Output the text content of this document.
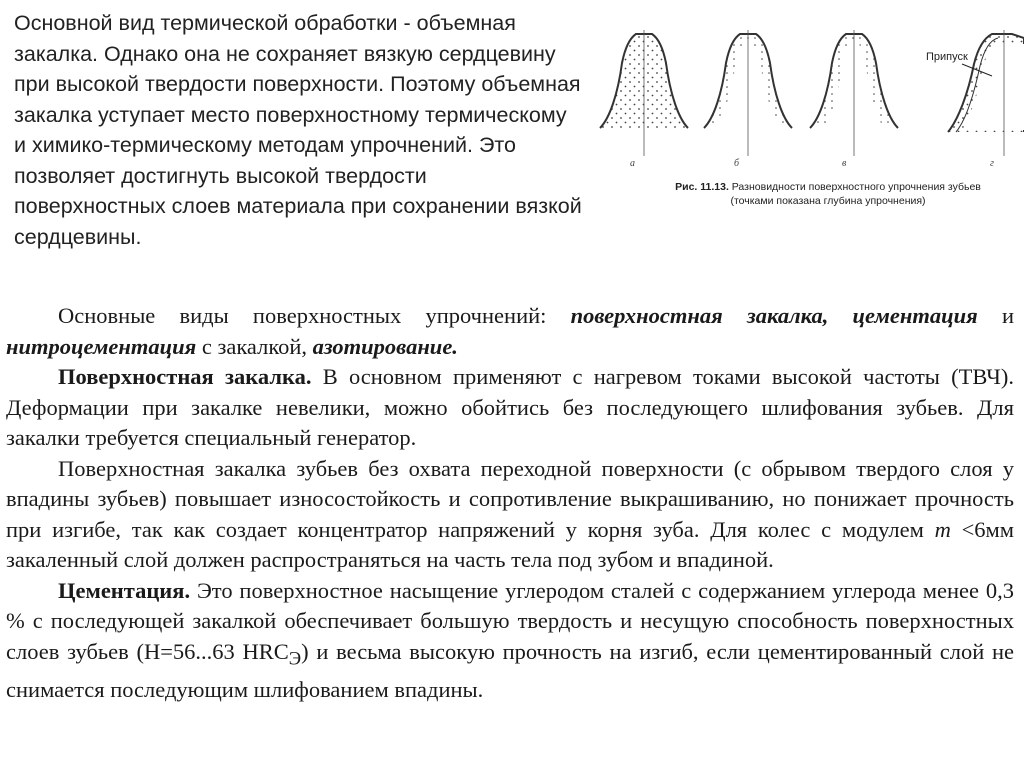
Основной вид термической обработки - объемная закалка. Однако она не сохраняет вязкую сердцевину при высокой твердости поверхности. Поэтому объемная закалка уступает место поверхностному термическому и химико-термическому методам упрочнений. Это позволяет достигнуть высокой твердости поверхностных слоев материала при сохранении вязкой сердцевины.
а	б	в
Припуск
г
Рис. 11.13. Разновидности поверхностного упрочнения зубьев
(точками показана глубина упрочнения)

Основные виды поверхностных упрочнений: поверхностная закалка, цементация и нитроцементация с закалкой, азотирование.

Поверхностная закалка. В основном применяют с нагревом токами высокой частоты (ТВЧ). Деформации при закалке невелики, можно обойтись без последующего шлифования зубьев. Для закалки требуется специальный генератор.

Поверхностная закалка зубьев без охвата переходной поверхности (с обрывом твердого слоя у впадины зубьев) повышает износостойкость и сопротивление выкрашиванию, но понижает прочность при изгибе, так как создает концентратор напряжений у корня зуба. Для колес с модулем m <6мм закаленный слой должен распространяться на часть тела под зубом и впадиной.

Цементация. Это поверхностное насыщение углеродом сталей с содержанием углерода менее 0,3 % с последующей закалкой обеспечивает большую твердость и несущую способность поверхностных слоев зубьев (Н=56...63 $HRC_Э$) и весьма высокую прочность на изгиб, если цементированный слой не снимается последующим шлифованием впадины.
